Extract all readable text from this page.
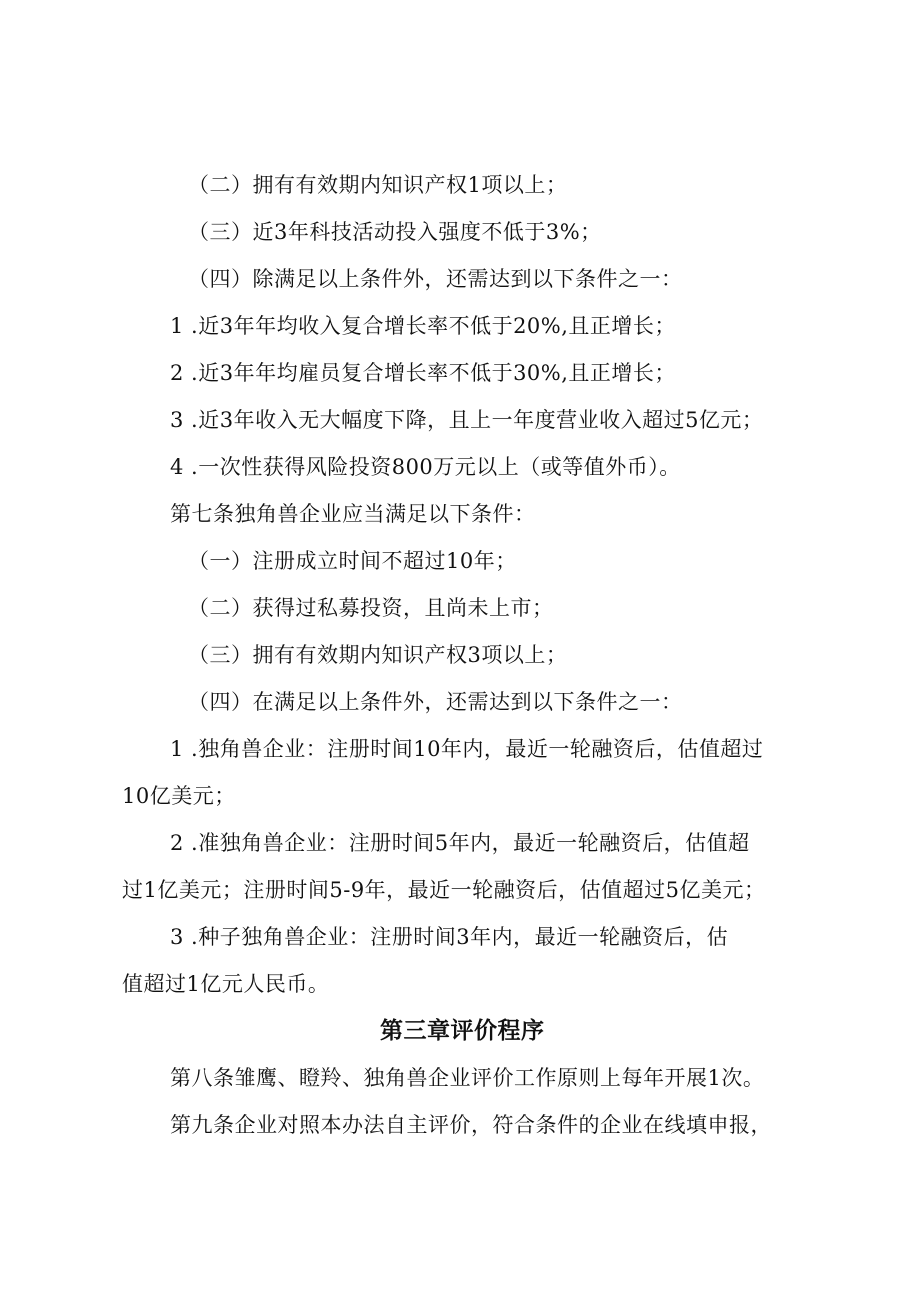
（二）拥有有效期内知识产权1项以上；
（三）近3年科技活动投入强度不低于3%；
（四）除满足以上条件外，还需达到以下条件之一：
1 .近3年年均收入复合增长率不低于20%,且正增长；
2 .近3年年均雇员复合增长率不低于30%,且正增长；
3 .近3年收入无大幅度下降，且上一年度营业收入超过5亿元；
4 .一次性获得风险投资800万元以上（或等值外币）。
第七条独角兽企业应当满足以下条件：
（一）注册成立时间不超过10年；
（二）获得过私募投资，且尚未上市；
（三）拥有有效期内知识产权3项以上；
（四）在满足以上条件外，还需达到以下条件之一：
1 .独角兽企业：注册时间10年内，最近一轮融资后，估值超过
10亿美元；
2 .准独角兽企业：注册时间5年内，最近一轮融资后，估值超
过1亿美元；注册时间5-9年，最近一轮融资后，估值超过5亿美元；
3 .种子独角兽企业：注册时间3年内，最近一轮融资后，估
值超过1亿元人民币。
第三章评价程序
第八条雏鹰、瞪羚、独角兽企业评价工作原则上每年开展1次。
第九条企业对照本办法自主评价，符合条件的企业在线填申报，
